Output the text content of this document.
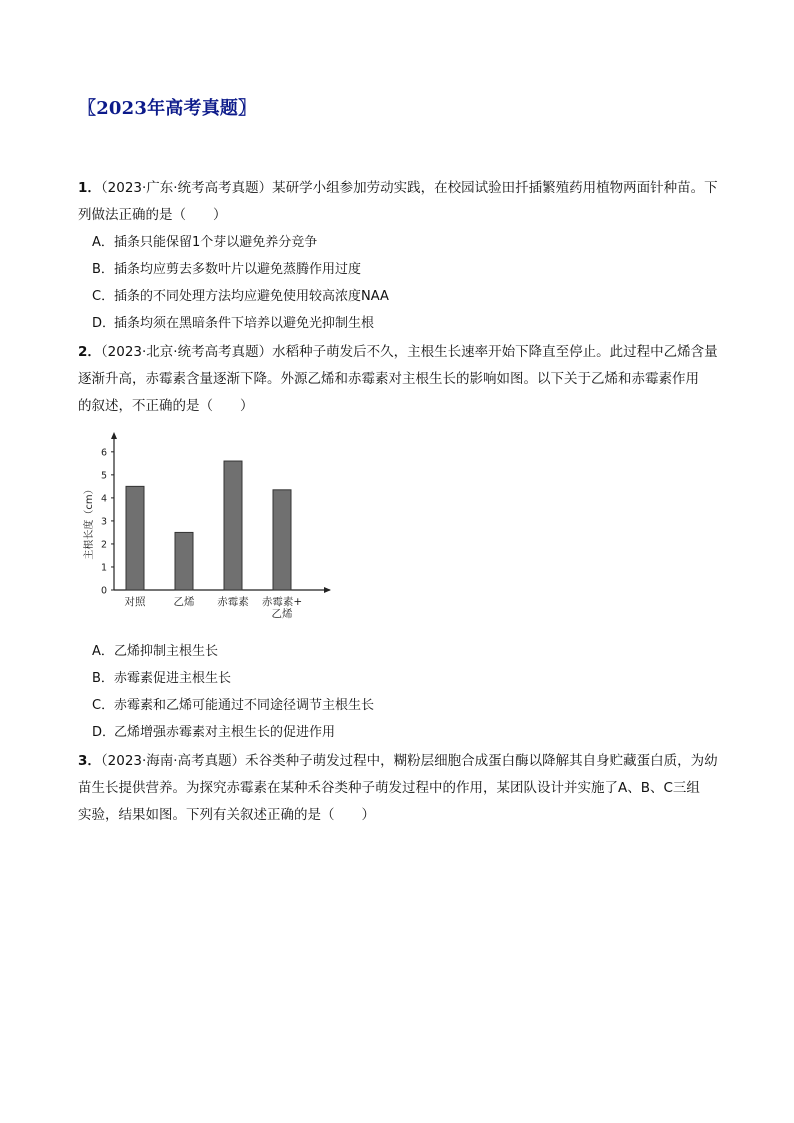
〖2023年高考真题〗
1．（2023·广东·统考高考真题）某研学小组参加劳动实践，在校园试验田扦插繁殖药用植物两面针种苗。下
列做法正确的是（　　）
A．插条只能保留1个芽以避免养分竞争
B．插条均应剪去多数叶片以避免蒸腾作用过度
C．插条的不同处理方法均应避免使用较高浓度NAA
D．插条均须在黑暗条件下培养以避免光抑制生根
2．（2023·北京·统考高考真题）水稻种子萌发后不久，主根生长速率开始下降直至停止。此过程中乙烯含量
逐渐升高，赤霉素含量逐渐下降。外源乙烯和赤霉素对主根生长的影响如图。以下关于乙烯和赤霉素作用
的叙述，不正确的是（　　）
0
1
2
3
4
5
6
主根长度（cm）
对照	乙烯 赤霉素 赤霉素+
乙烯
A．乙烯抑制主根生长
B．赤霉素促进主根生长
C．赤霉素和乙烯可能通过不同途径调节主根生长
D．乙烯增强赤霉素对主根生长的促进作用
3．（2023·海南·高考真题）禾谷类种子萌发过程中，糊粉层细胞合成蛋白酶以降解其自身贮藏蛋白质，为幼
苗生长提供营养。为探究赤霉素在某种禾谷类种子萌发过程中的作用，某团队设计并实施了A、B、C三组
实验，结果如图。下列有关叙述正确的是（　　）
